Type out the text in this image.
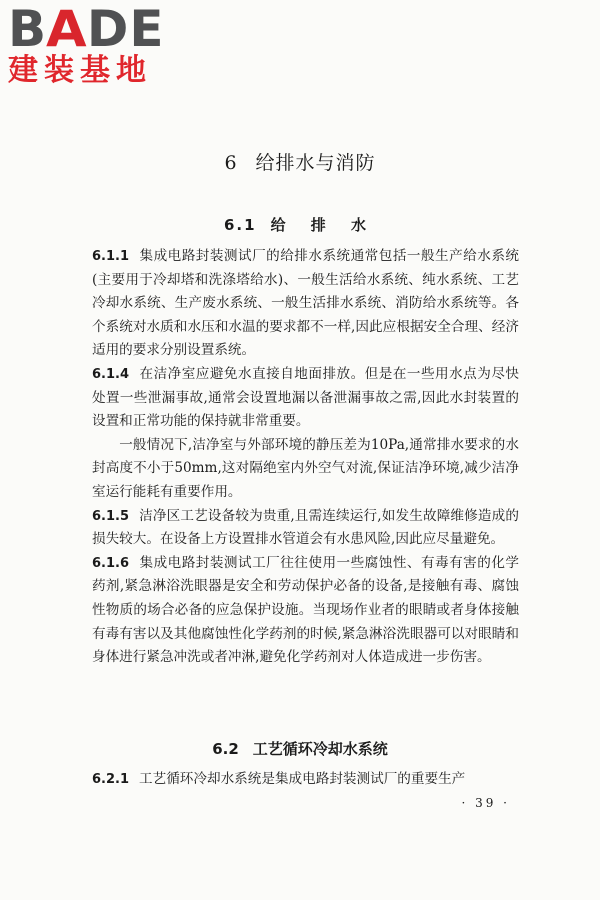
B A DE
建装基地
6 给排水与消防
6.1 给 排 水

6.1.1 集成电路封装测试厂的给排水系统通常包括一般生产给水系统(主要用于冷却塔和洗涤塔给水)、一般生活给水系统、纯水系统、工艺冷却水系统、生产废水系统、一般生活排水系统、消防给水系统等。各个系统对水质和水压和水温的要求都不一样,因此应根据安全合理、经济适用的要求分别设置系统。

6.1.4 在洁净室应避免水直接自地面排放。但是在一些用水点为尽快处置一些泄漏事故,通常会设置地漏以备泄漏事故之需,因此水封装置的设置和正常功能的保持就非常重要。

一般情况下,洁净室与外部环境的静压差为10Pa,通常排水要求的水封高度不小于50mm,这对隔绝室内外空气对流,保证洁净环境,减少洁净室运行能耗有重要作用。

6.1.5 洁净区工艺设备较为贵重,且需连续运行,如发生故障维修造成的损失较大。在设备上方设置排水管道会有水患风险,因此应尽量避免。

6.1.6 集成电路封装测试工厂往往使用一些腐蚀性、有毒有害的化学药剂,紧急淋浴洗眼器是安全和劳动保护必备的设备,是接触有毒、腐蚀性物质的场合必备的应急保护设施。当现场作业者的眼睛或者身体接触有毒有害以及其他腐蚀性化学药剂的时候,紧急淋浴洗眼器可以对眼睛和身体进行紧急冲洗或者冲淋,避免化学药剂对人体造成进一步伤害。

6.2 工艺循环冷却水系统

6.2.1 工艺循环冷却水系统是集成电路封装测试厂的重要生产

· 39 ·
